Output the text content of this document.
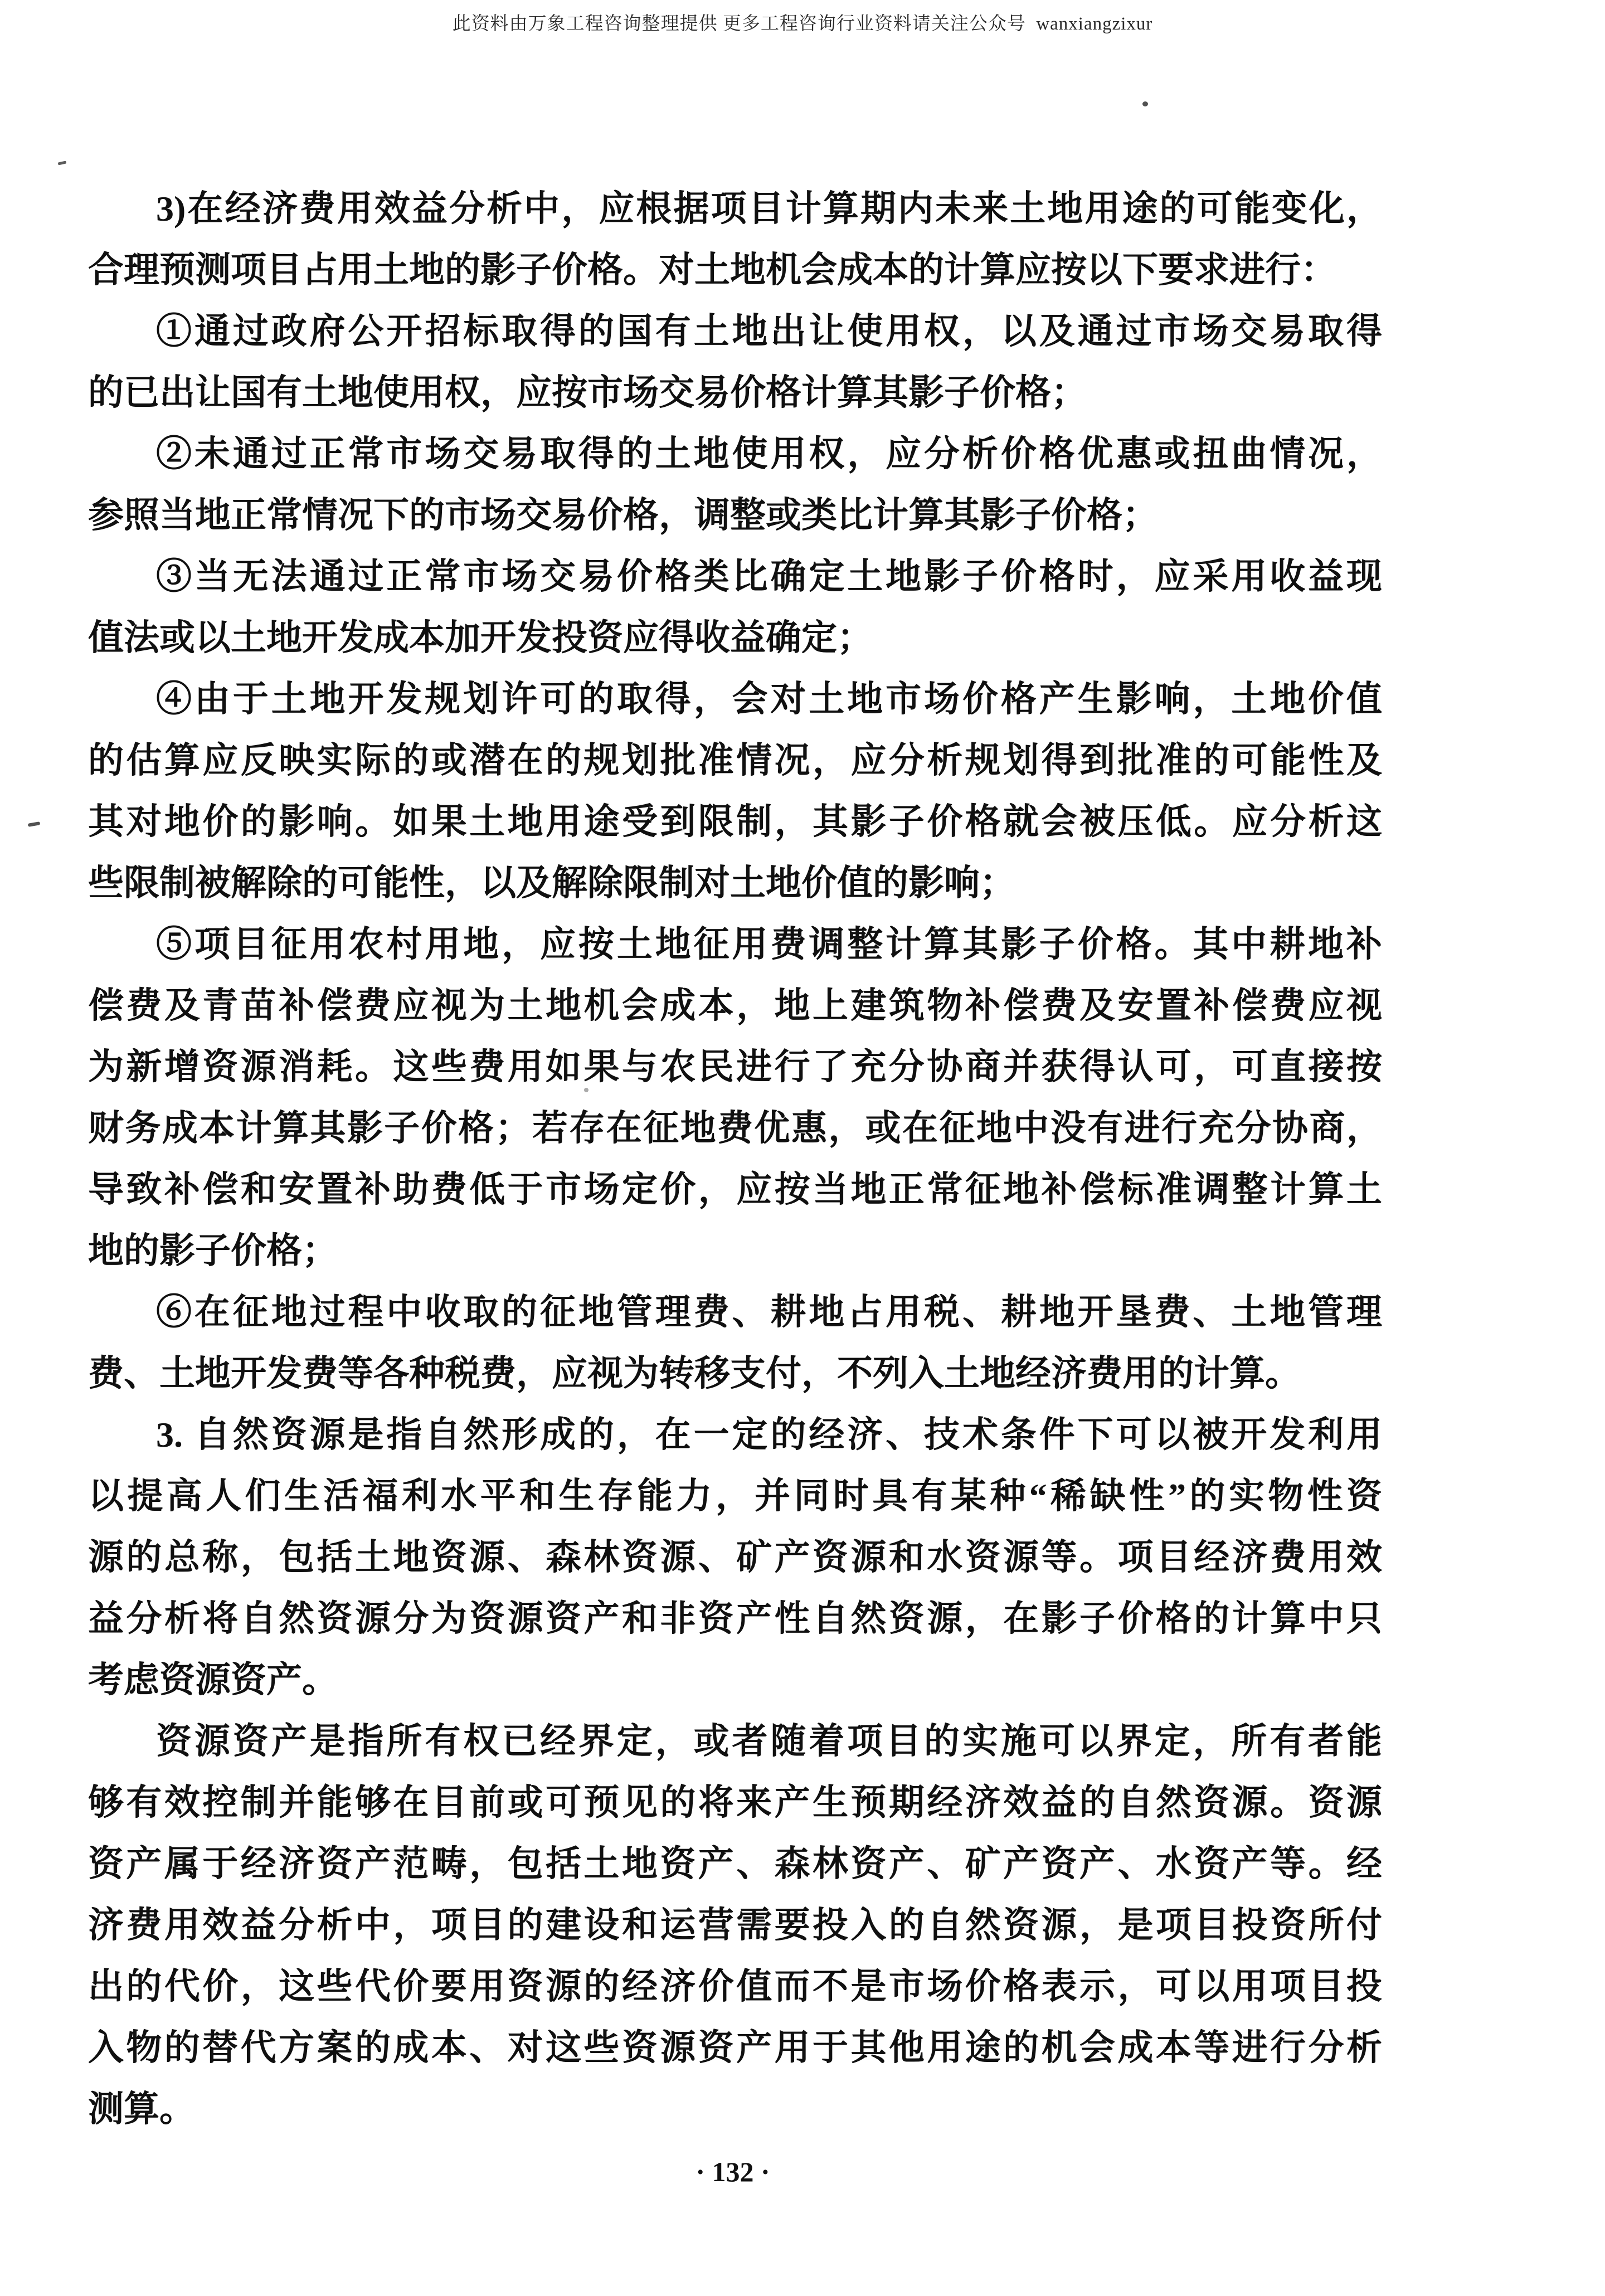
此资料由万象工程咨询整理提供 更多工程咨询行业资料请关注公众号  wanxiangzixur
3)在经济费用效益分析中，应根据项目计算期内未来土地用途的可能变化，
合理预测项目占用土地的影子价格。对土地机会成本的计算应按以下要求进行：
①通过政府公开招标取得的国有土地出让使用权，以及通过市场交易取得
的已出让国有土地使用权，应按市场交易价格计算其影子价格；
②未通过正常市场交易取得的土地使用权，应分析价格优惠或扭曲情况，
参照当地正常情况下的市场交易价格，调整或类比计算其影子价格；
③当无法通过正常市场交易价格类比确定土地影子价格时，应采用收益现
值法或以土地开发成本加开发投资应得收益确定；
④由于土地开发规划许可的取得，会对土地市场价格产生影响，土地价值
的估算应反映实际的或潜在的规划批准情况，应分析规划得到批准的可能性及
其对地价的影响。如果土地用途受到限制，其影子价格就会被压低。应分析这
些限制被解除的可能性，以及解除限制对土地价值的影响；
⑤项目征用农村用地，应按土地征用费调整计算其影子价格。其中耕地补
偿费及青苗补偿费应视为土地机会成本，地上建筑物补偿费及安置补偿费应视
为新增资源消耗。这些费用如果与农民进行了充分协商并获得认可，可直接按
财务成本计算其影子价格；若存在征地费优惠，或在征地中没有进行充分协商，
导致补偿和安置补助费低于市场定价，应按当地正常征地补偿标准调整计算土
地的影子价格；
⑥在征地过程中收取的征地管理费、耕地占用税、耕地开垦费、土地管理
费、土地开发费等各种税费，应视为转移支付，不列入土地经济费用的计算。
3. 自然资源是指自然形成的，在一定的经济、技术条件下可以被开发利用
以提高人们生活福利水平和生存能力，并同时具有某种“稀缺性”的实物性资
源的总称，包括土地资源、森林资源、矿产资源和水资源等。项目经济费用效
益分析将自然资源分为资源资产和非资产性自然资源，在影子价格的计算中只
考虑资源资产。
资源资产是指所有权已经界定，或者随着项目的实施可以界定，所有者能
够有效控制并能够在目前或可预见的将来产生预期经济效益的自然资源。资源
资产属于经济资产范畴，包括土地资产、森林资产、矿产资产、水资产等。经
济费用效益分析中，项目的建设和运营需要投入的自然资源，是项目投资所付
出的代价，这些代价要用资源的经济价值而不是市场价格表示，可以用项目投
入物的替代方案的成本、对这些资源资产用于其他用途的机会成本等进行分析
测算。
· 132 ·
